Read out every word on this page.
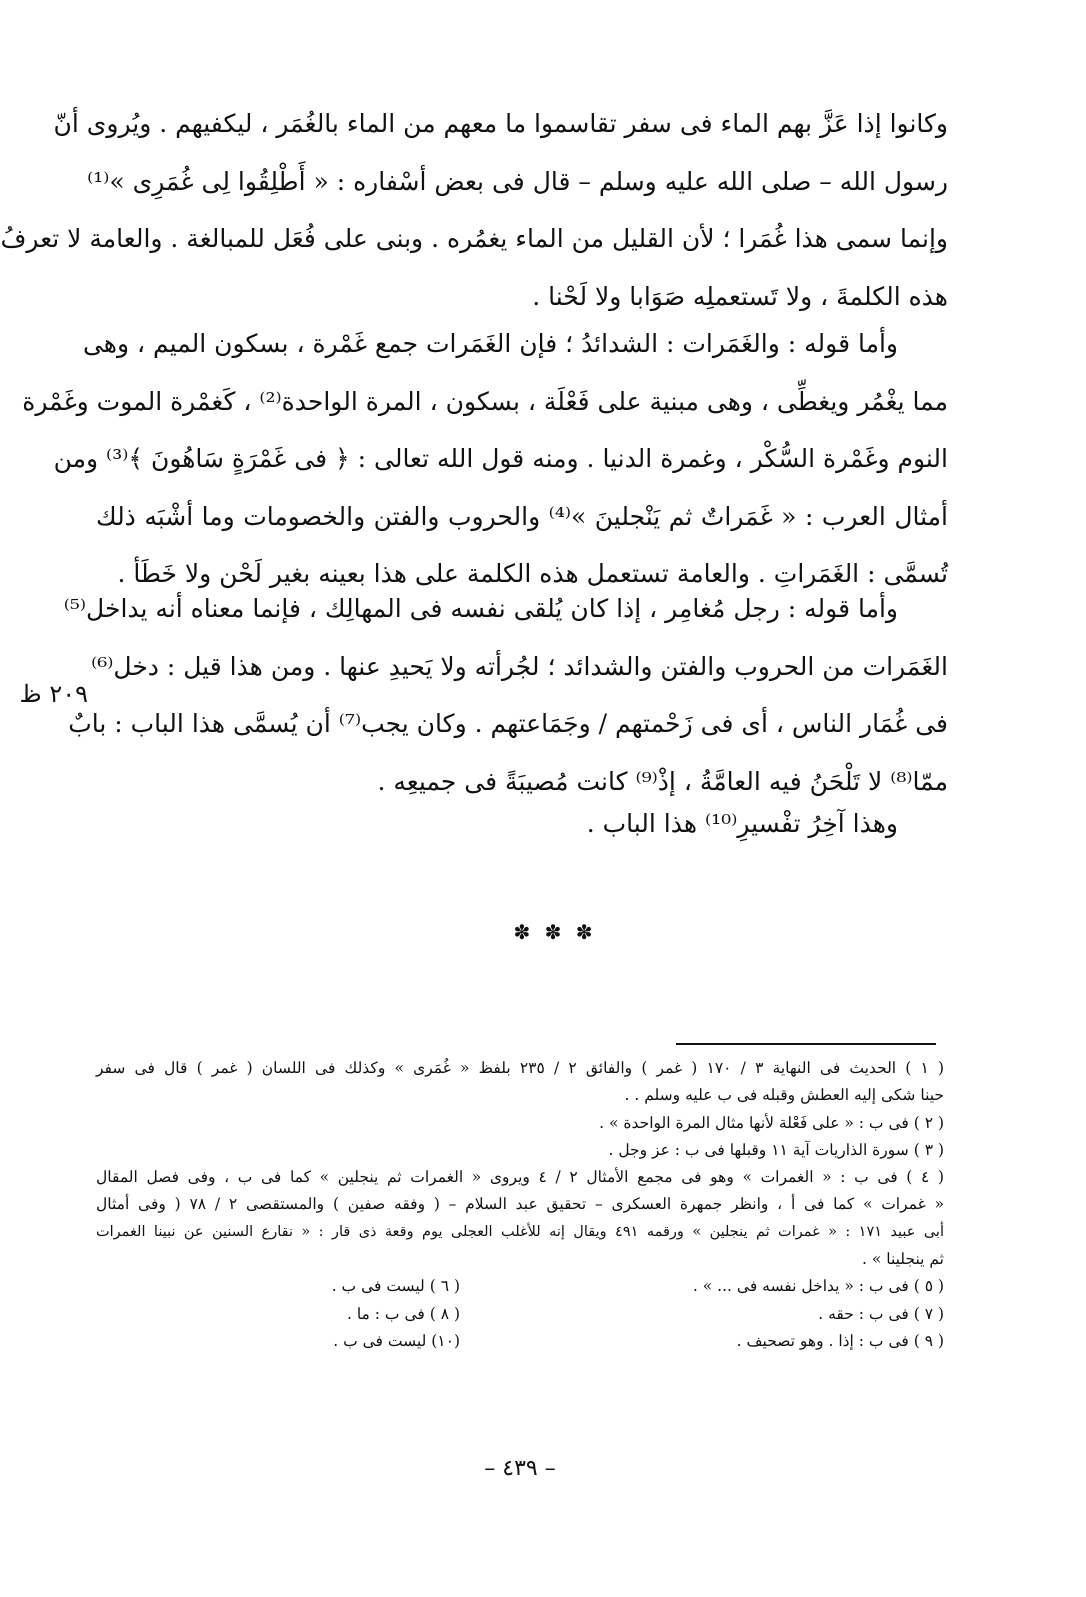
وكانوا إذا عَزَّ بهم الماء فى سفر تقاسموا ما معهم من الماء بالغُمَر ، ليكفيهم . ويُروى أنّ
رسول الله – صلى الله عليه وسلم – قال فى بعض أسْفاره : « أَطْلِقُوا لِى غُمَرِى »⁽¹⁾
وإنما سمى هذا غُمَرا ؛ لأن القليل من الماء يغمُره . وبنى على فُعَل للمبالغة . والعامة لا تعرفُ
هذه الكلمةَ ، ولا تَستعملِه صَوَابا ولا لَحْنا .
وأما قوله : والغَمَرات : الشدائدُ ؛ فإن الغَمَرات جمع غَمْرة ، بسكون الميم ، وهى
مما يغْمُر ويغطِّى ، وهى مبنية على فَعْلَة ، بسكون ، المرة الواحدة⁽²⁾ ، كَغمْرة الموت وغَمْرة
النوم وغَمْرة السُّكْر ، وغمرة الدنيا . ومنه قول الله تعالى : ﴿ فى غَمْرَةٍ سَاهُونَ ﴾⁽³⁾ ومن
أمثال العرب : « غَمَراتٌ ثم يَنْجلينَ »⁽⁴⁾ والحروب والفتن والخصومات وما أشْبَه ذلك
تُسمَّى : الغَمَراتِ . والعامة تستعمل هذه الكلمة على هذا بعينه بغير لَحْن ولا خَطَأ .
وأما قوله : رجل مُغامِر ، إذا كان يُلقى نفسه فى المهالِك ، فإنما معناه أنه يداخل⁽⁵⁾
الغَمَرات من الحروب والفتن والشدائد ؛ لجُرأته ولا يَحيدِ عنها . ومن هذا قيل : دخل⁽⁶⁾
فى غُمَار الناس ، أى فى زَحْمتهم / وجَمَاعتهم . وكان يجب⁽⁷⁾ أن يُسمَّى هذا الباب : بابٌ
ممّا⁽⁸⁾ لا تَلْحَنُ فيه العامَّةُ ، إذْ⁽⁹⁾ كانت مُصيبَةً فى جميعِه .
وهذا آخِرُ تفْسيرِ⁽¹⁰⁾ هذا الباب .
٢٠٩ ظ
✽ ✽ ✽
( ١ ) الحديث فى النهاية ٣ / ١٧٠ ( غمر ) والفائق ٢ / ٢٣٥ بلفظ « غُمَرى » وكذلك فى اللسان ( غمر ) قال فى سفر
حينا شكى إليه العطش وقبله فى ب عليه وسلم . .
( ٢ ) فى ب : « على فَعْلة لأنها مثال المرة الواحدة » .
( ٣ ) سورة الذاريات آية ١١ وقبلها فى ب : عز وجل .
( ٤ ) فى ب : « الغمرات » وهو فى مجمع الأمثال ٢ / ٤ ويروى « الغمرات ثم ينجلين » كما فى ب ، وفى فصل المقال
« غمرات » كما فى أ ، وانظر جمهرة العسكرى – تحقيق عبد السلام – ( وفقه صفين ) والمستقصى ٢ / ٧٨ ( وفى أمثال
أبى عبيد ١٧١ : « غمرات ثم ينجلين » ورقمه ٤٩١ ويقال إنه للأغلب العجلى يوم وقعة ذى قار : « نقارع السنين عن نبينا الغمرات
ثم ينجلينا » .
( ٥ ) فى ب : « يداخل نفسه فى ... » .
( ٦ ) ليست فى ب .
( ٧ ) فى ب : حقه .
( ٨ ) فى ب : ما .
( ٩ ) فى ب : إذا . وهو تصحيف .
(١٠) ليست فى ب .
– ٤٣٩ –
